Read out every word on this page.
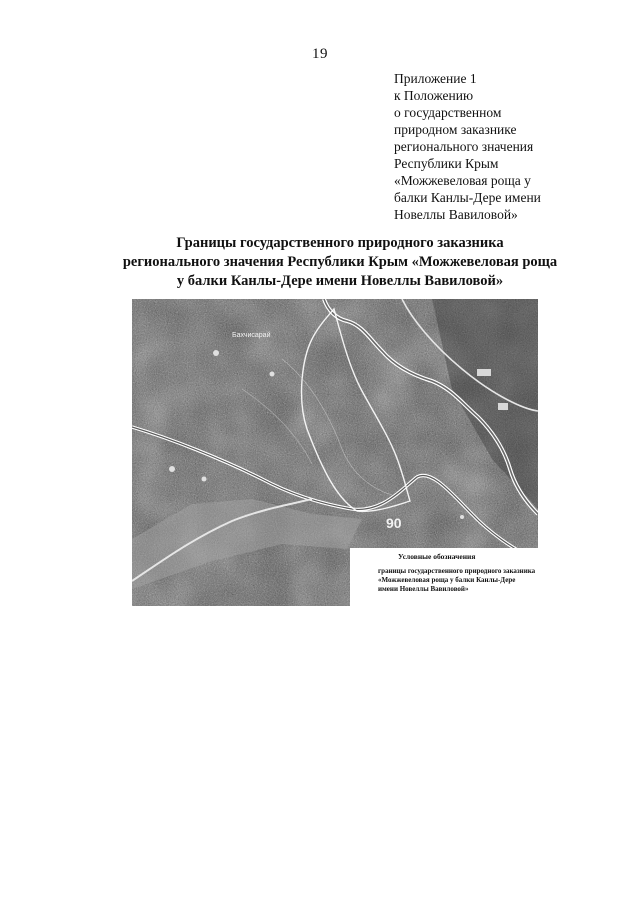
19
Приложение 1
к Положению
о государственном
природном заказнике
регионального значения
Республики Крым
«Можжевеловая роща у
балки Канлы-Дере имени
Новеллы Вавиловой»
Границы государственного природного заказника
регионального значения Республики Крым «Можжевеловая роща
у балки Канлы-Дере имени Новеллы Вавиловой»
Бахчисарай
90
Условные обозначения
границы государственного природного заказника
«Можжевеловая роща у балки Канлы-Дере
имени Новеллы Вавиловой»
